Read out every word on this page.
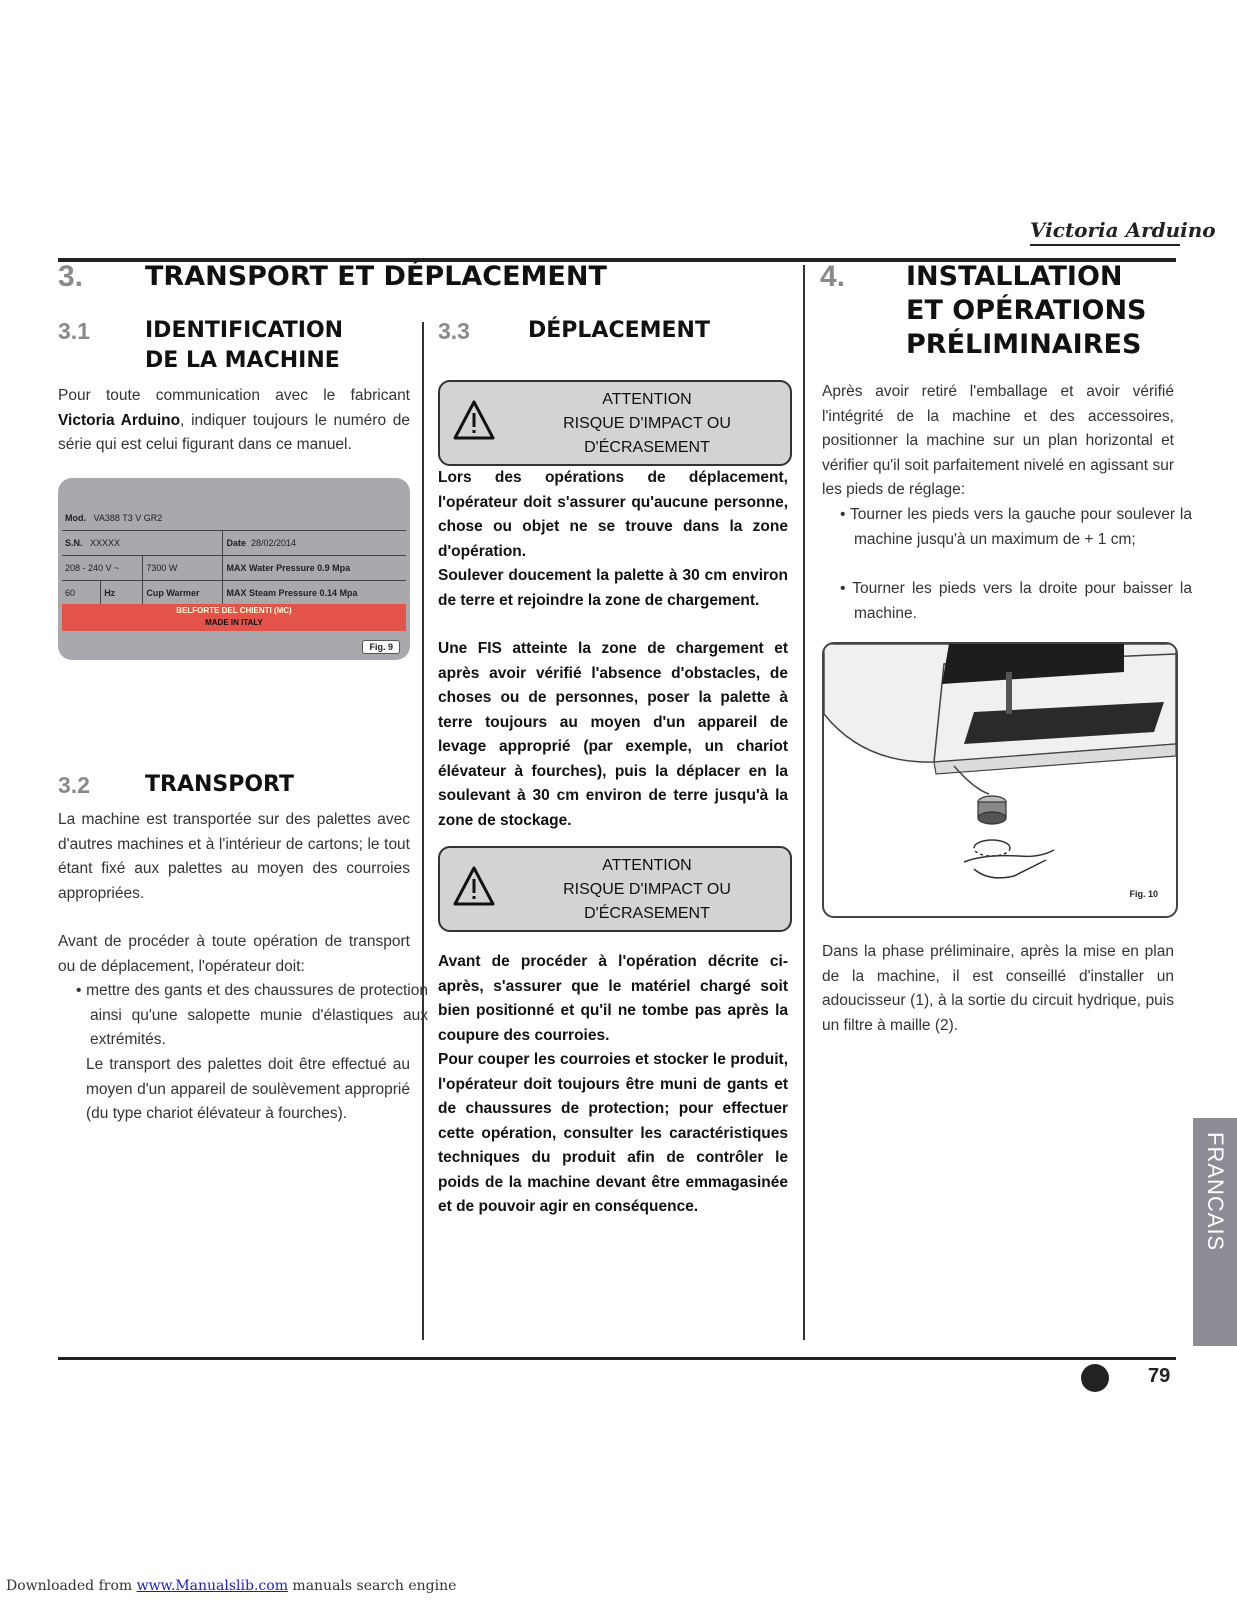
Victoria Arduino
3. TRANSPORT ET DÉPLACEMENT
3.1	IDENTIFICATION
DE LA MACHINE
Pour toute communication avec le fabricant Victoria Arduino, indiquer toujours le numéro de série qui est celui figurant dans ce manuel.
Mod. VA388 T3 V GR2			
S.N. XXXXX			Date 28/02/2014
208 - 240 V ~		7300 W	MAX Water Pressure 0.9 Mpa
60	Hz	Cup Warmer	MAX Steam Pressure 0.14 Mpa
BELFORTE DEL CHIENTI (MC)
MADE IN ITALY
Fig. 9
3.2	TRANSPORT
La machine est transportée sur des palettes avec d'autres machines et à l'intérieur de cartons; le tout étant fixé aux palettes au moyen des courroies appropriées.
Avant de procéder à toute opération de transport ou de déplacement, l'opérateur doit:
• mettre des gants et des chaussures de protection ainsi qu'une salopette munie d'élastiques aux extrémités.
Le transport des palettes doit être effectué au moyen d'un appareil de soulèvement approprié (du type chariot élévateur à fourches).
3.3	DÉPLACEMENT
ATTENTION
RISQUE D'IMPACT OU
D'ÉCRASEMENT
Lors des opérations de déplacement, l'opérateur doit s'assurer qu'aucune personne, chose ou objet ne se trouve dans la zone d'opération.
Soulever doucement la palette à 30 cm environ de terre et rejoindre la zone de chargement.
Une FIS atteinte la zone de chargement et après avoir vérifié l'absence d'obstacles, de choses ou de personnes, poser la palette à terre toujours au moyen d'un appareil de levage approprié (par exemple, un chariot élévateur à fourches), puis la déplacer en la soulevant à 30 cm environ de terre jusqu'à la zone de stockage.
ATTENTION
RISQUE D'IMPACT OU
D'ÉCRASEMENT
Avant de procéder à l'opération décrite ci-après, s'assurer que le matériel chargé soit bien positionné et qu'il ne tombe pas après la coupure des courroies.
Pour couper les courroies et stocker le produit, l'opérateur doit toujours être muni de gants et de chaussures de protection; pour effectuer cette opération, consulter les caractéristiques techniques du produit afin de contrôler le poids de la machine devant être emmagasinée et de pouvoir agir en conséquence.
4. INSTALLATION
ET OPÉRATIONS
PRÉLIMINAIRES
Après avoir retiré l'emballage et avoir vérifié l'intégrité de la machine et des accessoires, positionner la machine sur un plan horizontal et vérifier qu'il soit parfaitement nivelé en agissant sur les pieds de réglage:
• Tourner les pieds vers la gauche pour soulever la machine jusqu'à un maximum de + 1 cm;
• Tourner les pieds vers la droite pour baisser la machine.
Fig. 10
Dans la phase préliminaire, après la mise en plan de la machine, il est conseillé d'installer un adoucisseur (1), à la sortie du circuit hydrique, puis un filtre à maille (2).
FRANCAIS
79
Downloaded from www.Manualslib.com manuals search engine
